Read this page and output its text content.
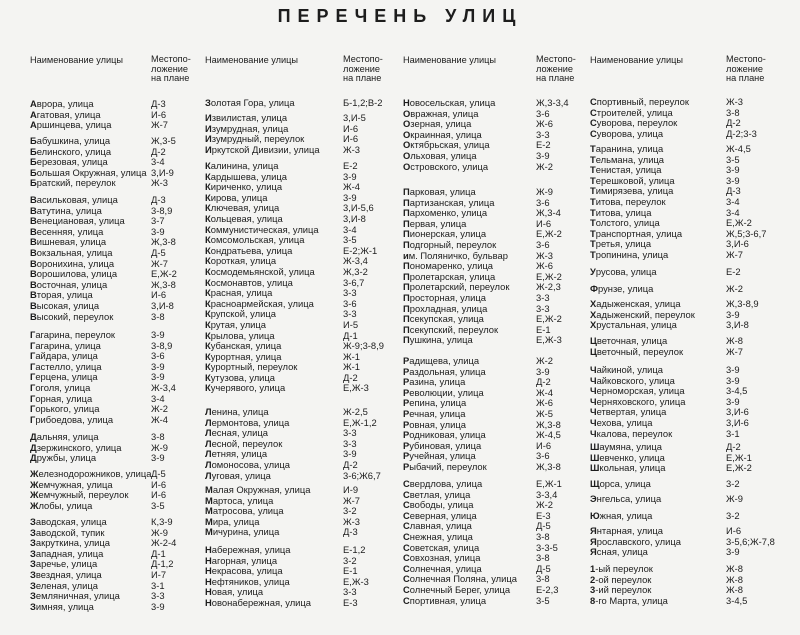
ПЕРЕЧЕНЬ УЛИЦ
Наименование улицы	Местопо-
ложение
на плане
Аврора, улица	Д-3
Агатовая, улица	И-6
Аршинцева, улица	Ж-7
Бабушкина, улица	Ж,3-5
Белинского, улица	Д-2
Березовая, улица	3-4
Большая Окружная, улица 3,И-9
Братский, переулок	Ж-3
Васильковая, улица	Д-3
Ватутина, улица	3-8,9
Венециановая, улица	3-7
Весенняя, улица	3-9
Вишневая, улица	Ж,3-8
Вокзальная, улица	Д-5
Воронихина, улица	Ж-7
Ворошилова, улица	Е,Ж-2
Восточная, улица	Ж,3-8
Вторая, улица	И-6
Высокая, улица	3,И-8
Высокий, переулок	3-8
Гагарина, переулок	3-9
Гагарина, улица	3-8,9
Гайдара, улица	3-6
Гастелло, улица	3-9
Герцена, улица	3-9
Гоголя, улица	Ж-3,4
Горная, улица	3-4
Горького, улица	Ж-2
Грибоедова, улица	Ж-4
Дальняя, улица	3-8
Дзержинского, улица	Ж-9
Дружбы, улица	3-9
Железнодорожников, улица Д-5
Жемчужная, улица	И-6
Жемчужный, переулок И-6
Жлобы, улица	3-5
Заводская, улица	К,3-9
Заводской, тупик	Ж-9
Закруткина, улица	Ж-2-4
Западная, улица	Д-1
Заречье, улица	Д-1,2
Звездная, улица	И-7
Зеленая, улица	3-1
Земляничная, улица	3-3
Зимняя, улица	3-9
Наименование улицы	Местопо-
ложение
на плане
Золотая Гора, улица	Б-1,2;В-2
Извилистая, улица	3,И-5
Изумрудная, улица	И-6
Изумрудный, переулок	И-6
Иркутской Дивизии, улица Ж-3
Калинина, улица	Е-2
Кардышева, улица	3-9
Кириченко, улица	Ж-4
Кирова, улица	3-9
Ключевая, улица	3,И-5,6
Кольцевая, улица	3,И-8
Коммунистическая, улица	3-4
Комсомольская, улица	3-5
Кондратьева, улица	Е-2;Ж-1
Короткая, улица	Ж-3,4
Космодемьянской, улица	Ж,3-2
Космонавтов, улица	3-6,7
Красная, улица	3-3
Красноармейская, улица	3-6
Крупской, улица	3-3
Крутая, улица	И-5
Крылова, улица	Д-1
Кубанская, улица	Ж-9;3-8,9
Курортная, улица	Ж-1
Курортный, переулок	Ж-1
Кутузова, улица	Д-2
Кучерявого, улица	Е,Ж-3
Ленина, улица	Ж-2,5
Лермонтова, улица	Е,Ж-1,2
Лесная, улица	3-3
Лесной, переулок	3-3
Летняя, улица	3-9
Ломоносова, улица	Д-2
Луговая, улица	3-6;Ж6,7
Малая Окружная, улица	И-9
Мартоса, улица	Ж-7
Матросова, улица	3-2
Мира, улица	Ж-3
Мичурина, улица	Д-3
Набережная, улица	Е-1,2
Нагорная, улица	3-2
Некрасова, улица	Е-1
Нефтяников, улица	Е,Ж-3
Новая, улица	3-3
Новонабережная, улица	Е-3
Наименование улицы	Местопо-
ложение
на плане
Новосельская, улица	Ж,3-3,4
Овражная, улица	3-6
Озерная, улица	Ж-6
Окраинная, улица	3-3
Октябрьская, улица	Е-2
Ольховая, улица	3-9
Островского, улица	Ж-2
Парковая, улица	Ж-9
Партизанская, улица	3-6
Пархоменко, улица	Ж,3-4
Первая, улица	И-6
Пионерская, улица	Е,Ж-2
Подгорный, переулок	3-6
им. Поляничко, бульвар	Ж-3
Пономаренко, улица	Ж-6
Пролетарская, улица	Е,Ж-2
Пролетарский, переулок	Ж-2,3
Просторная, улица	3-3
Прохладная, улица	3-3
Псекупская, улица	Е,Ж-2
Псекупский, переулок	Е-1
Пушкина, улица	Е,Ж-3
Радищева, улица	Ж-2
Раздольная, улица	3-9
Разина, улица	Д-2
Революции, улица	Ж-4
Репина, улица	Ж-6
Речная, улица	Ж-5
Ровная, улица	Ж,3-8
Родниковая, улица	Ж-4,5
Рубиновая, улица	И-6
Ручейная, улица	3-6
Рыбачий, переулок	Ж,3-8
Свердлова, улица	Е,Ж-1
Светлая, улица	3-3,4
Свободы, улица	Ж-2
Северная, улица	Е-3
Славная, улица	Д-5
Снежная, улица	3-8
Советская, улица	3-3-5
Совхозная, улица	3-8
Солнечная, улица	Д-5
Солнечная Поляна, улица 3-8
Солнечный Берег, улица	Е-2,3
Спортивная, улица	3-5
Наименование улицы	Местопо-
ложение
на плане
Спортивный, переулок	Ж-3
Строителей, улица	3-8
Суворова, переулок	Д-2
Суворова, улица	Д-2;3-3
Таранина, улица	Ж-4,5
Тельмана, улица	3-5
Тенистая, улица	3-9
Терешковой, улица	3-9
Тимирязева, улица	Д-3
Титова, переулок	3-4
Титова, улица	3-4
Толстого, улица	Е,Ж-2
Транспортная, улица	Ж,5;3-6,7
Третья, улица	3,И-6
Тропинина, улица	Ж-7
Урусова, улица	Е-2
Фрунзе, улица	Ж-2
Хадыженская, улица	Ж,3-8,9
Хадыженский, переулок	3-9
Хрустальная, улица	3,И-8
Цветочная, улица	Ж-8
Цветочный, переулок	Ж-7
Чайкиной, улица	3-9
Чайковского, улица	3-9
Черноморская, улица	3-4,5
Черняховского, улица	3-9
Четвертая, улица	3,И-6
Чехова, улица	3,И-6
Чкалова, переулок	3-1
Шаумяна, улица	Д-2
Шевченко, улица	Е,Ж-1
Школьная, улица	Е,Ж-2
Щорса, улица	3-2
Энгельса, улица	Ж-9
Южная, улица	3-2
Янтарная, улица	И-6
Ярославского, улица	3-5,6;Ж-7,8
Ясная, улица	3-9
1-ый переулок	Ж-8
2-ой переулок	Ж-8
3-ий переулок	Ж-8
8-го Марта, улица	3-4,5
